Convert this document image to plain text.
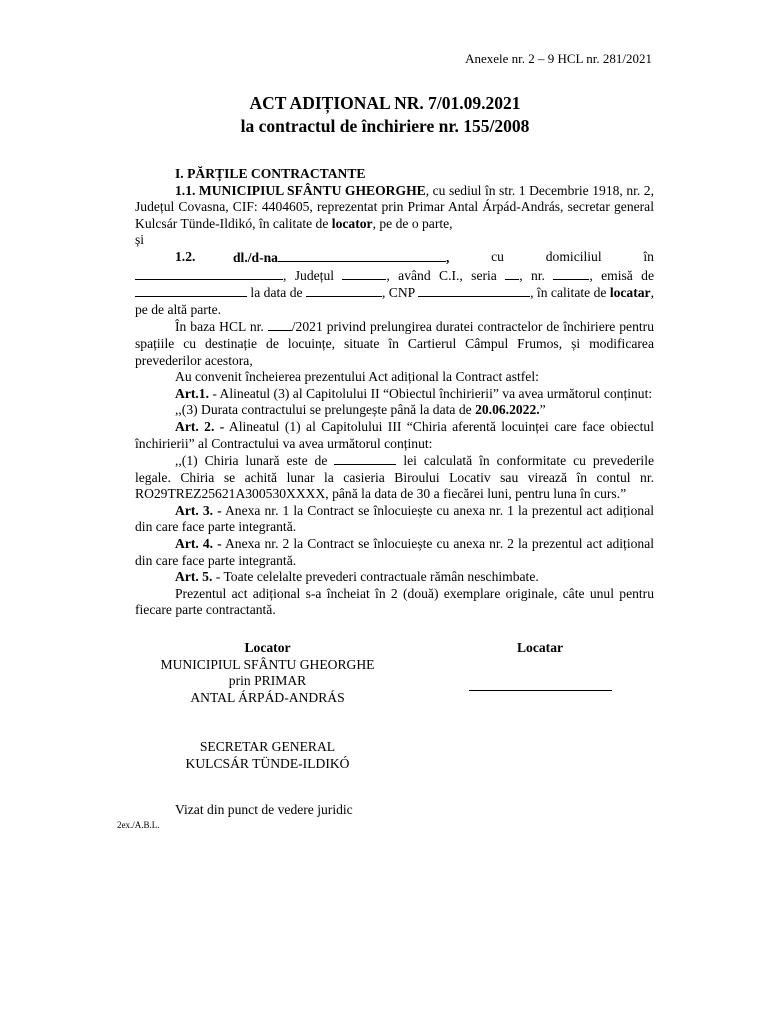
Anexele nr. 2 – 9 HCL nr. 281/2021
ACT ADIȚIONAL NR. 7/01.09.2021
la contractul de închiriere nr. 155/2008

I. PĂRȚILE CONTRACTANTE

1.1. MUNICIPIUL SFÂNTU GHEORGHE, cu sediul în str. 1 Decembrie 1918, nr. 2, Județul Covasna, CIF: 4404605, reprezentat prin Primar Antal Árpád-András, secretar general Kulcsár Tünde-Ildikó, în calitate de locator, pe de o parte,

și

1.2.	dl./d-na	,	cu	domiciliul	în

, Județul	, având C.I., seria , nr.	, emisă de  la data de	, CNP	, în calitate de locatar, pe de altă parte.

În baza HCL nr. /2021 privind prelungirea duratei contractelor de închiriere pentru spațiile cu destinație de locuințe, situate în Cartierul Câmpul Frumos, și modificarea prevederilor acestora,

Au convenit încheierea prezentului Act adițional la Contract astfel:

Art.1. - Alineatul (3) al Capitolului II “Obiectul închirierii” va avea următorul conținut:

,,(3) Durata contractului se prelungește până la data de 20.06.2022.”

Art. 2. - Alineatul (1) al Capitolului III “Chiria aferentă locuinței care face obiectul închirierii” al Contractului va avea următorul conținut:

,,(1) Chiria lunară este de	lei calculată în conformitate cu prevederile legale. Chiria se achită lunar la casieria Biroului Locativ sau virează în contul nr. RO29TREZ25621A300530XXXX, până la data de 30 a fiecărei luni, pentru luna în curs.”

Art. 3. - Anexa nr. 1 la Contract se înlocuiește cu anexa nr. 1 la prezentul act adițional din care face parte integrantă.

Art. 4. - Anexa nr. 2 la Contract se înlocuiește cu anexa nr. 2 la prezentul act adițional din care face parte integrantă.

Art. 5. - Toate celelalte prevederi contractuale rămân neschimbate.

Prezentul act adițional s-a încheiat în 2 (două) exemplare originale, câte unul pentru fiecare parte contractantă.

Locator
MUNICIPIUL SFÂNTU GHEORGHE
prin PRIMAR
ANTAL ÁRPÁD-ANDRÁS
Locatar
SECRETAR GENERAL
KULCSÁR TÜNDE-ILDIKÓ
Vizat din punct de vedere juridic
2ex./A.B.L.
